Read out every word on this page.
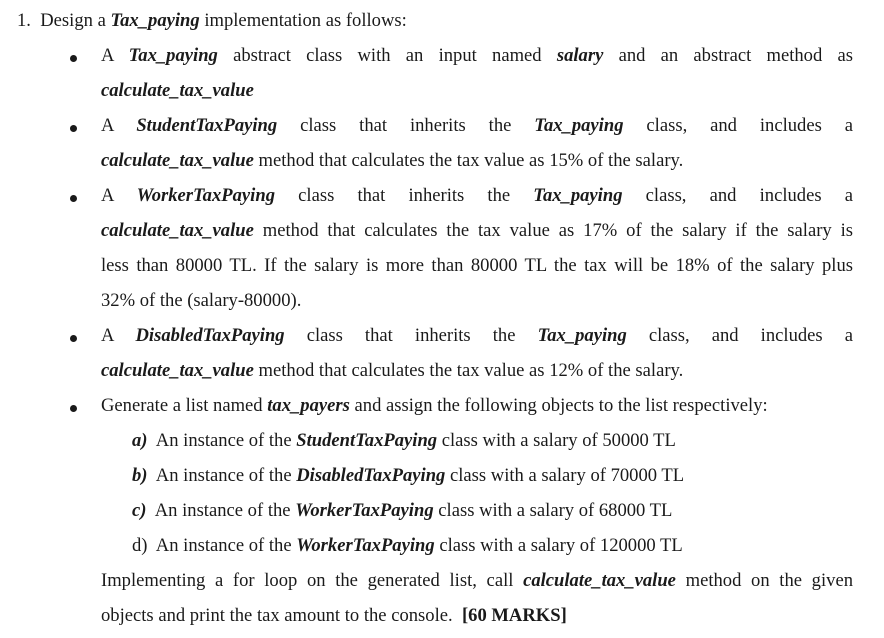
1. Design a Tax_paying implementation as follows:
A Tax_paying abstract class with an input named salary and an abstract method as
calculate_tax_value
A StudentTaxPaying class that inherits the Tax_paying class, and includes a
calculate_tax_value method that calculates the tax value as 15% of the salary.
A WorkerTaxPaying class that inherits the Tax_paying class, and includes a
calculate_tax_value method that calculates the tax value as 17% of the salary if the salary is
less than 80000 TL. If the salary is more than 80000 TL the tax will be 18% of the salary plus
32% of the (salary-80000).
A DisabledTaxPaying class that inherits the Tax_paying class, and includes a
calculate_tax_value method that calculates the tax value as 12% of the salary.
Generate a list named tax_payers and assign the following objects to the list respectively:
a) An instance of the StudentTaxPaying class with a salary of 50000 TL
b) An instance of the DisabledTaxPaying class with a salary of 70000 TL
c) An instance of the WorkerTaxPaying class with a salary of 68000 TL
d) An instance of the WorkerTaxPaying class with a salary of 120000 TL
Implementing a for loop on the generated list, call calculate_tax_value method on the given
objects and print the tax amount to the console. [60 MARKS]
